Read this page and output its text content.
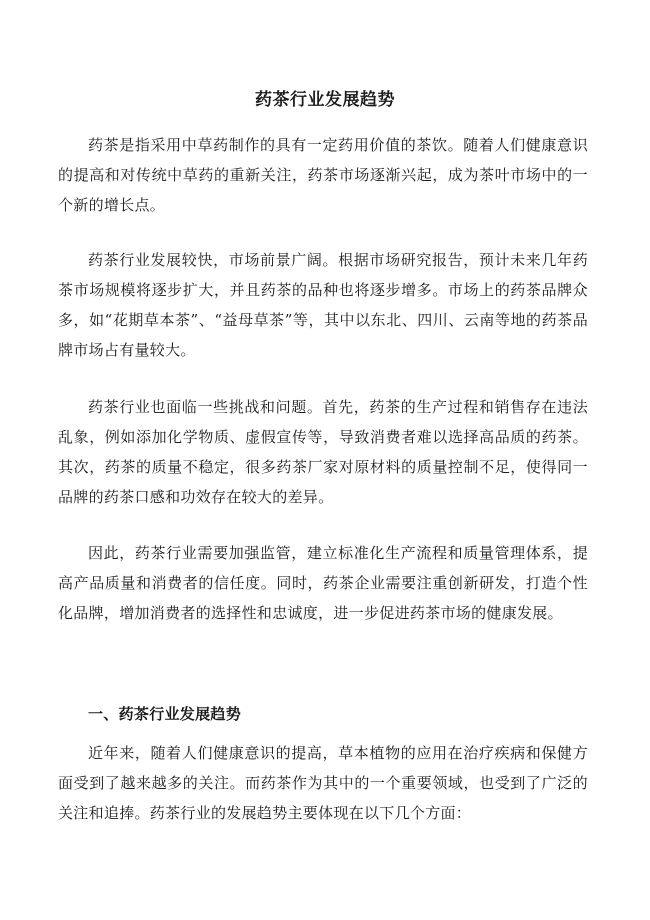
药茶行业发展趋势

药茶是指采用中草药制作的具有一定药用价值的茶饮。随着人们健康意识的提高和对传统中草药的重新关注，药茶市场逐渐兴起，成为茶叶市场中的一个新的增长点。

药茶行业发展较快，市场前景广阔。根据市场研究报告，预计未来几年药茶市场规模将逐步扩大，并且药茶的品种也将逐步增多。市场上的药茶品牌众多，如“花期草本茶”、“益母草茶”等，其中以东北、四川、云南等地的药茶品牌市场占有量较大。

药茶行业也面临一些挑战和问题。首先，药茶的生产过程和销售存在违法乱象，例如添加化学物质、虚假宣传等，导致消费者难以选择高品质的药茶。其次，药茶的质量不稳定，很多药茶厂家对原材料的质量控制不足，使得同一品牌的药茶口感和功效存在较大的差异。

因此，药茶行业需要加强监管，建立标准化生产流程和质量管理体系，提高产品质量和消费者的信任度。同时，药茶企业需要注重创新研发，打造个性化品牌，增加消费者的选择性和忠诚度，进一步促进药茶市场的健康发展。

一、药茶行业发展趋势

近年来，随着人们健康意识的提高，草本植物的应用在治疗疾病和保健方面受到了越来越多的关注。而药茶作为其中的一个重要领域，也受到了广泛的关注和追捧。药茶行业的发展趋势主要体现在以下几个方面：
